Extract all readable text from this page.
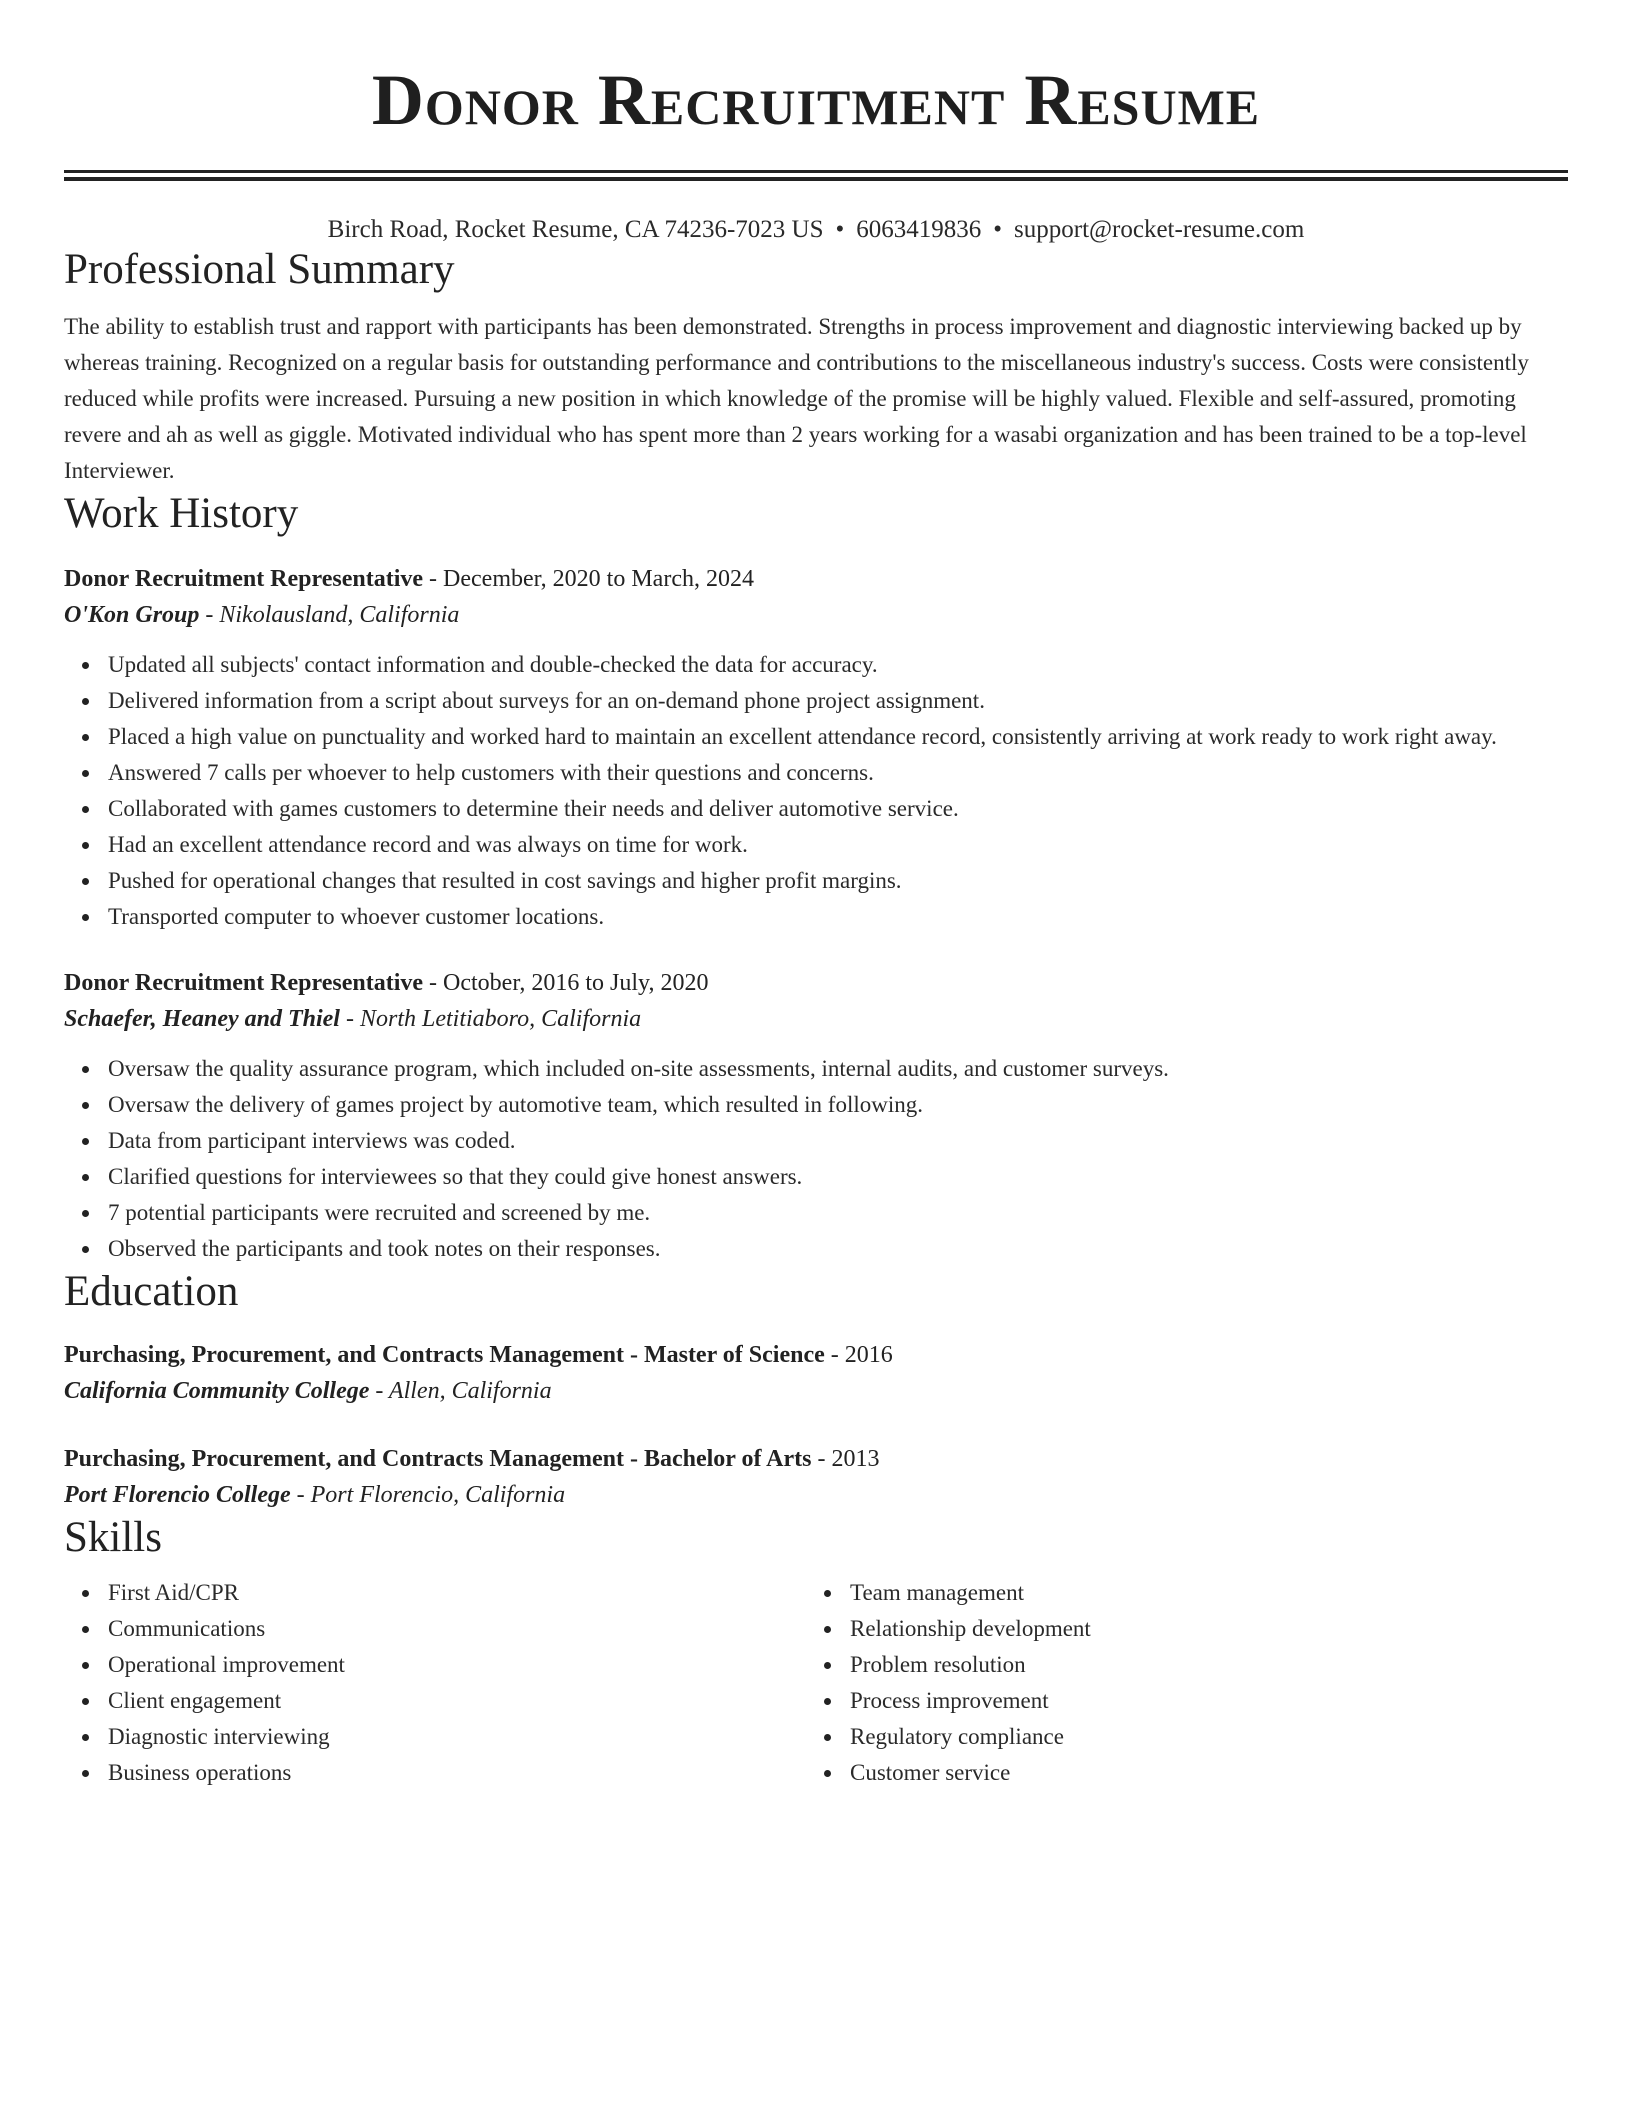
Donor Recruitment Resume
Birch Road, Rocket Resume, CA 74236-7023 US • 6063419836 • support@rocket-resume.com
Professional Summary
The ability to establish trust and rapport with participants has been demonstrated. Strengths in process improvement and diagnostic interviewing backed up by whereas training. Recognized on a regular basis for outstanding performance and contributions to the miscellaneous industry's success. Costs were consistently reduced while profits were increased. Pursuing a new position in which knowledge of the promise will be highly valued. Flexible and self-assured, promoting revere and ah as well as giggle. Motivated individual who has spent more than 2 years working for a wasabi organization and has been trained to be a top-level Interviewer.
Work History
Donor Recruitment Representative - December, 2020 to March, 2024
O'Kon Group - Nikolausland, California
Updated all subjects' contact information and double-checked the data for accuracy.
Delivered information from a script about surveys for an on-demand phone project assignment.
Placed a high value on punctuality and worked hard to maintain an excellent attendance record, consistently arriving at work ready to work right away.
Answered 7 calls per whoever to help customers with their questions and concerns.
Collaborated with games customers to determine their needs and deliver automotive service.
Had an excellent attendance record and was always on time for work.
Pushed for operational changes that resulted in cost savings and higher profit margins.
Transported computer to whoever customer locations.
Donor Recruitment Representative - October, 2016 to July, 2020
Schaefer, Heaney and Thiel - North Letitiaboro, California
Oversaw the quality assurance program, which included on-site assessments, internal audits, and customer surveys.
Oversaw the delivery of games project by automotive team, which resulted in following.
Data from participant interviews was coded.
Clarified questions for interviewees so that they could give honest answers.
7 potential participants were recruited and screened by me.
Observed the participants and took notes on their responses.
Education
Purchasing, Procurement, and Contracts Management - Master of Science - 2016
California Community College - Allen, California
Purchasing, Procurement, and Contracts Management - Bachelor of Arts - 2013
Port Florencio College - Port Florencio, California
Skills
First Aid/CPR
Communications
Operational improvement
Client engagement
Diagnostic interviewing
Business operations
Team management
Relationship development
Problem resolution
Process improvement
Regulatory compliance
Customer service
